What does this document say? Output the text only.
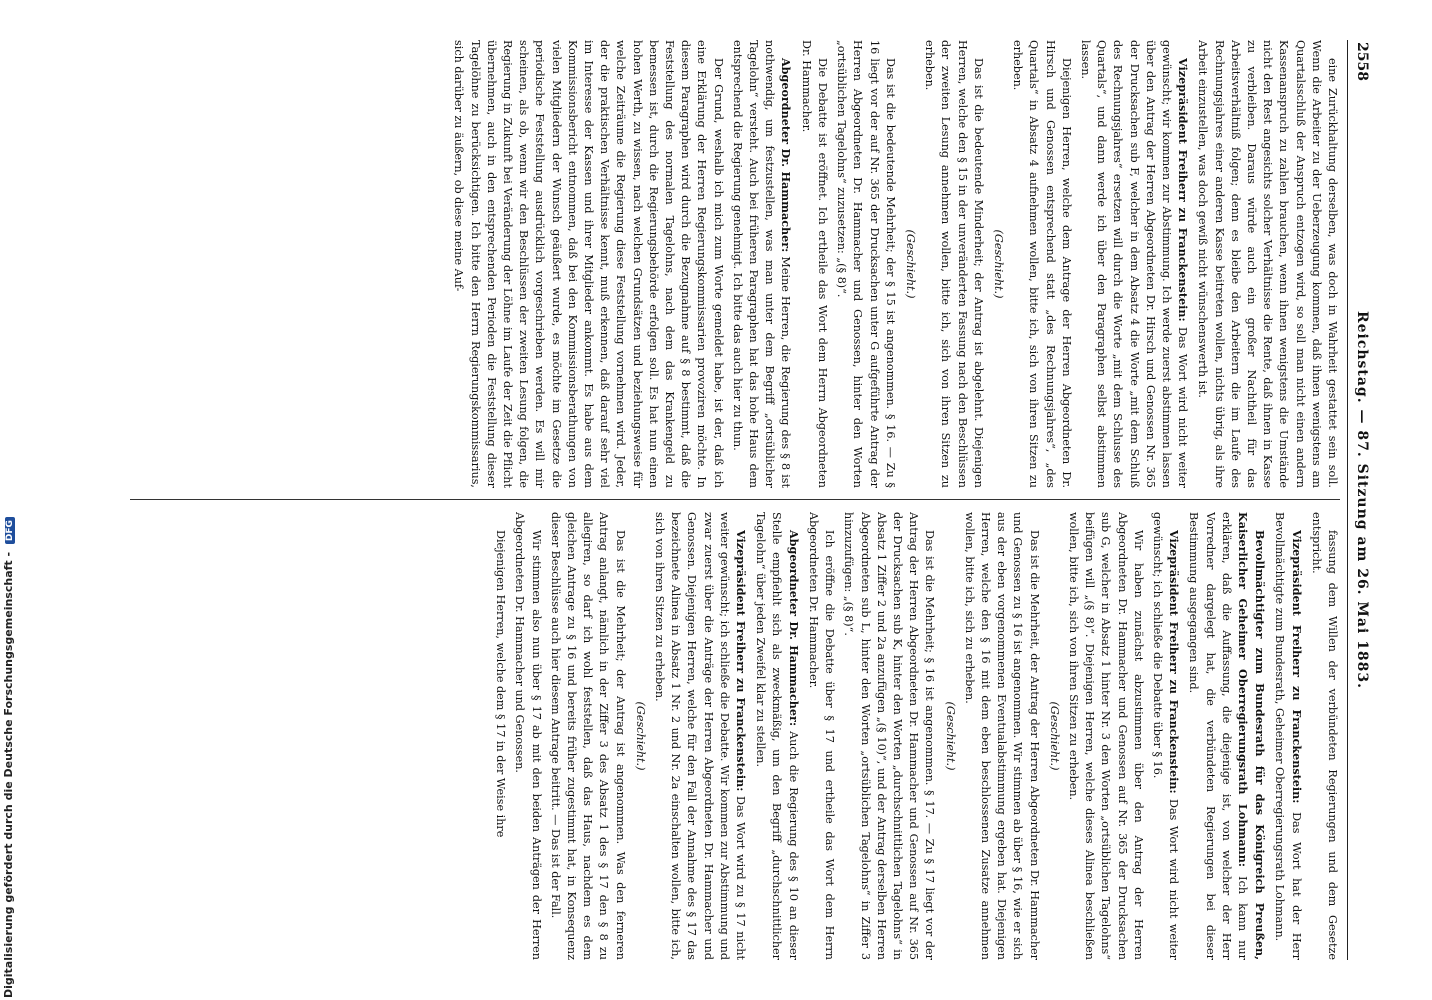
2558
Reichstag. — 87. Sitzung am 26. Mai 1883.

eine Zurückhaltung derselben, was doch in Wahrheit gestattet sein soll. Wenn die Arbeiter zu der Ueberzeugung kommen, daß ihnen wenigstens am Quartalsschluß der Anspruch entzogen wird, so soll man nicht einen andern Kassenanspruch zu zahlen brauchen, wenn ihnen wenigstens die Umstände nicht den Rest angesichts solcher Verhältnisse die Rente, daß ihnen in Kasse zu verbleiben. Daraus würde auch ein großer Nachtheil für das Arbeitsverhältniß folgen; denn es bleibe den Arbeitern die im Laufe des Rechnungsjahres einer anderen Kasse beitreten wollen, nichts übrig, als ihre Arbeit einzustellen, was doch gewiß nicht wünschenswerth ist.

Vizepräsident Freiherr zu Franckenstein: Das Wort wird nicht weiter gewünscht; wir kommen zur Abstimmung. Ich werde zuerst abstimmen lassen über den Antrag der Herren Abgeordneten Dr. Hirsch und Genossen Nr. 365 der Drucksachen sub F, welcher in dem Absatz 4 die Worte „mit dem Schluß des Rechnungsjahres“ ersetzen will durch die Worte „mit dem Schlusse des Quartals“, und dann werde ich über den Paragraphen selbst abstimmen lassen.

Diejenigen Herren, welche dem Antrage der Herren Abgeordneten Dr. Hirsch und Genossen entsprechend statt „des Rechnungsjahres“, „des Quartals“ in Absatz 4 aufnehmen wollen, bitte ich, sich von ihren Sitzen zu erheben.

(Geschieht.)

Das ist die bedeutende Minderheit; der Antrag ist abgelehnt. Diejenigen Herren, welche den § 15 in der unveränderten Fassung nach den Beschlüssen der zweiten Lesung annehmen wollen, bitte ich, sich von ihren Sitzen zu erheben.

(Geschieht.)

Das ist die bedeutende Mehrheit; der § 15 ist angenommen. § 16. — Zu § 16 liegt vor der auf Nr. 365 der Drucksachen unter G aufgeführte Antrag der Herren Abgeordneten Dr. Hammacher und Genossen, hinter den Worten „ortsüblichen Tagelohns“ zuzusetzen: „(§ 8)“.

Die Debatte ist eröffnet. Ich ertheile das Wort dem Herrn Abgeordneten Dr. Hammacher.

Abgeordneter Dr. Hammacher: Meine Herren, die Regierung des § 8 ist nothwendig, um festzustellen, was man unter dem Begriff „ortsüblicher Tagelohn“ versteht. Auch bei früheren Paragraphen hat das hohe Haus dem entsprechend die Regierung genehmigt. Ich bitte das auch hier zu thun.

Der Grund, weshalb ich mich zum Worte gemeldet habe, ist der, daß ich eine Erklärung der Herren Regierungskommissarien provoziren möchte. In diesem Paragraphen wird durch die Bezugnahme auf § 8 bestimmt, daß die Feststellung des normalen Tagelohns, nach dem das Krankengeld zu bemessen ist, durch die Regierungsbehörde erfolgen soll. Es hat nun einen hohen Werth, zu wissen, nach welchen Grundsätzen und beziehungsweise für welche Zeiträume die Regierung diese Feststellung vornehmen wird. Jeder, der die praktischen Verhältnisse kennt, muß erkennen, daß darauf sehr viel im Interesse der Kassen und ihrer Mitglieder ankommt. Es habe aus dem Kommissionsbericht entnommen, daß bei den Kommissionsberathungen von vielen Mitgliedern der Wunsch geäußert wurde, es möchte im Gesetze die periodische Feststellung ausdrücklich vorgeschrieben werden. Es will mir scheinen, als ob, wenn wir den Beschlüssen der zweiten Lesung folgen, die Regierung in Zukunft bei Veränderung der Löhne im Laufe der Zeit die Pflicht übernehmen, auch in den entsprechenden Perioden die Feststellung dieser Tagelöhne zu berücksichtigen. Ich bitte den Herrn Regierungskommissarius, sich darüber zu äußern, ob diese meine Auf-

fassung dem Willen der verbündeten Regierungen und dem Gesetze entspricht.

Vizepräsident Freiherr zu Franckenstein: Das Wort hat der Herr Bevollmächtigte zum Bundesrath, Geheimer Oberregierungsrath Lohmann.

Bevollmächtigter zum Bundesrath für das Königreich Preußen, Kaiserlicher Geheimer Oberregierungsrath Lohmann: Ich kann nur erklären, daß die Auffassung, die diejenige ist, von welcher der Herr Vorredner dargelegt hat, die verbündeten Regierungen bei dieser Bestimmung ausgegangen sind.

Vizepräsident Freiherr zu Franckenstein: Das Wort wird nicht weiter gewünscht; ich schließe die Debatte über § 16.

Wir haben zunächst abzustimmen über den Antrag der Herren Abgeordneten Dr. Hammacher und Genossen auf Nr. 365 der Drucksachen sub G, welcher in Absatz 1 hinter Nr. 3 den Worten „ortsüblichen Tagelohns“ beifügen will „(§ 8)“. Diejenigen Herren, welche dieses Alinea beschließen wollen, bitte ich, sich von ihren Sitzen zu erheben.

(Geschieht.)

Das ist die Mehrheit, der Antrag der Herren Abgeordneten Dr. Hammacher und Genossen zu § 16 ist angenommen. Wir stimmen ab über § 16, wie er sich aus der eben vorgenommenen Eventualabstimmung ergeben hat. Diejenigen Herren, welche den § 16 mit dem eben beschlossenen Zusatze annehmen wollen, bitte ich, sich zu erheben.

(Geschieht.)

Das ist die Mehrheit; § 16 ist angenommen. § 17. — Zu § 17 liegt vor der Antrag der Herren Abgeordneten Dr. Hammacher und Genossen auf Nr. 365 der Drucksachen sub K, hinter den Worten „durchschnittlichen Tagelohns“ in Absatz 1 Ziffer 2 und 2a anzufügen „(§ 10)“, und der Antrag derselben Herren Abgeordneten sub L, hinter den Worten „ortsüblichen Tagelohns“ in Ziffer 3 hinzuzufügen: „(§ 8)“.

Ich eröffne die Debatte über § 17 und ertheile das Wort dem Herrn Abgeordneten Dr. Hammacher.

Abgeordneter Dr. Hammacher: Auch die Regierung des § 10 an dieser Stelle empfiehlt sich als zweckmäßig, um den Begriff „durchschnittlicher Tagelohn“ über jeden Zweifel klar zu stellen.

Vizepräsident Freiherr zu Franckenstein: Das Wort wird zu § 17 nicht weiter gewünscht; ich schließe die Debatte. Wir kommen zur Abstimmung und zwar zuerst über die Anträge der Herren Abgeordneten Dr. Hammacher und Genossen. Diejenigen Herren, welche für den Fall der Annahme des § 17 das bezeichnete Alinea in Absatz 1 Nr. 2 und Nr. 2a einschalten wollen, bitte ich, sich von ihren Sitzen zu erheben.

(Geschieht.)

Das ist die Mehrheit; der Antrag ist angenommen. Was den ferneren Antrag anlangt, nämlich in der Ziffer 3 des Absatz 1 des § 17 den § 8 zu allegiren, so darf ich wohl feststellen, daß das Haus, nachdem es dem gleichen Antrage zu § 16 und bereits früher zugestimmt hat, in Konsequenz dieser Beschlüsse auch hier diesem Antrage beitritt. — Das ist der Fall.

Wir stimmen also nun über § 17 ab mit den beiden Anträgen der Herren Abgeordneten Dr. Hammacher und Genossen.

Diejenigen Herren, welche dem § 17 in der Weise ihre

Digitalisierung gefördert durch die Deutsche Forschungsgemeinschaft - DFG
